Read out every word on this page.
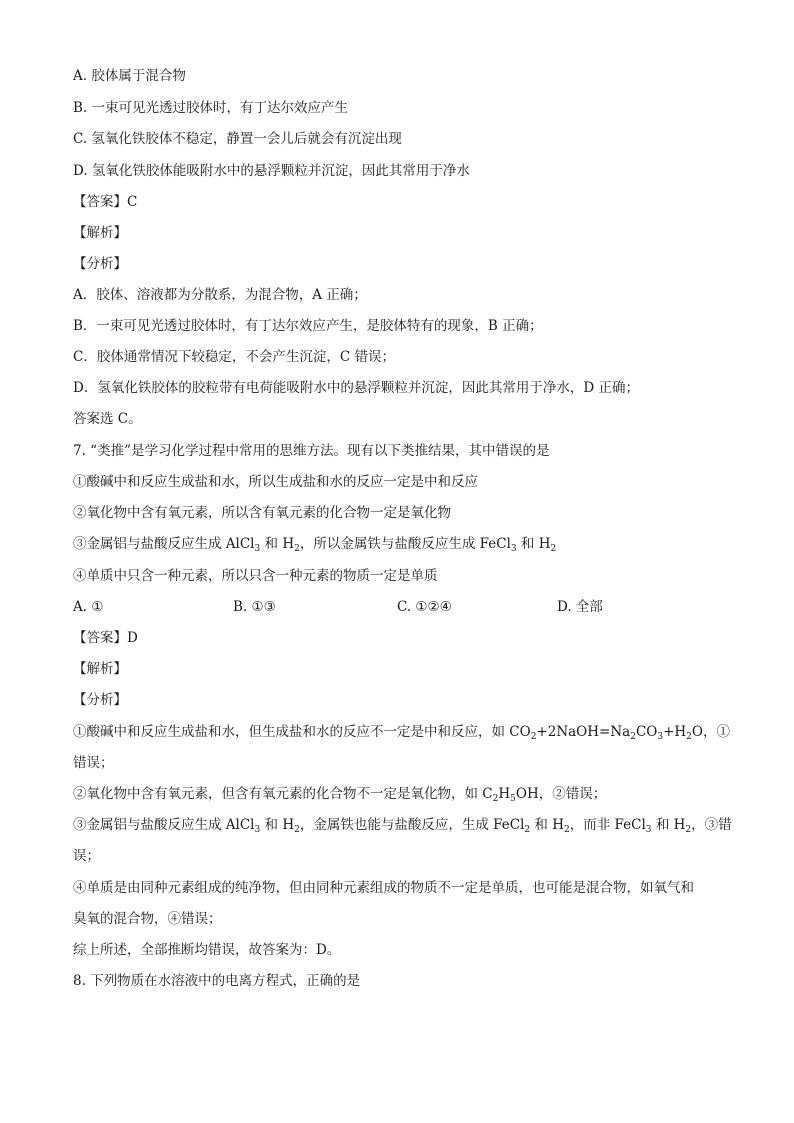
A. 胶体属于混合物
B. 一束可见光透过胶体时，有丁达尔效应产生
C. 氢氧化铁胶体不稳定，静置一会儿后就会有沉淀出现
D. 氢氧化铁胶体能吸附水中的悬浮颗粒并沉淀，因此其常用于净水
【答案】C
【解析】
【分析】
A．胶体、溶液都为分散系，为混合物，A 正确；
B．一束可见光透过胶体时，有丁达尔效应产生，是胶体特有的现象，B 正确；
C．胶体通常情况下较稳定，不会产生沉淀，C 错误；
D．氢氧化铁胶体的胶粒带有电荷能吸附水中的悬浮颗粒并沉淀，因此其常用于净水，D 正确；
答案选 C。
7. “类推”是学习化学过程中常用的思维方法。现有以下类推结果，其中错误的是
①酸碱中和反应生成盐和水，所以生成盐和水的反应一定是中和反应
②氧化物中含有氧元素，所以含有氧元素的化合物一定是氧化物
③金属铝与盐酸反应生成 AlCl$_3$ 和 $H_2$，所以金属铁与盐酸反应生成 FeCl$_3$ 和 $H_2$
④单质中只含一种元素，所以只含一种元素的物质一定是单质
A. ①	B. ①③	C. ①②④	D. 全部
【答案】D
【解析】
【分析】
①酸碱中和反应生成盐和水，但生成盐和水的反应不一定是中和反应，如 $CO_2+2NaOH=Na_2CO_3+H_2O$，①
错误；
②氧化物中含有氧元素，但含有氧元素的化合物不一定是氧化物，如 $C_2H_5OH$，②错误；
③金属铝与盐酸反应生成 AlCl$_3$ 和 $H_2$，金属铁也能与盐酸反应，生成 FeCl$_2$ 和 $H_2$，而非 FeCl$_3$ 和 $H_2$，③错
误；
④单质是由同种元素组成的纯净物，但由同种元素组成的物质不一定是单质，也可能是混合物，如氧气和
臭氧的混合物，④错误；
综上所述，全部推断均错误，故答案为：D。
8. 下列物质在水溶液中的电离方程式，正确的是
